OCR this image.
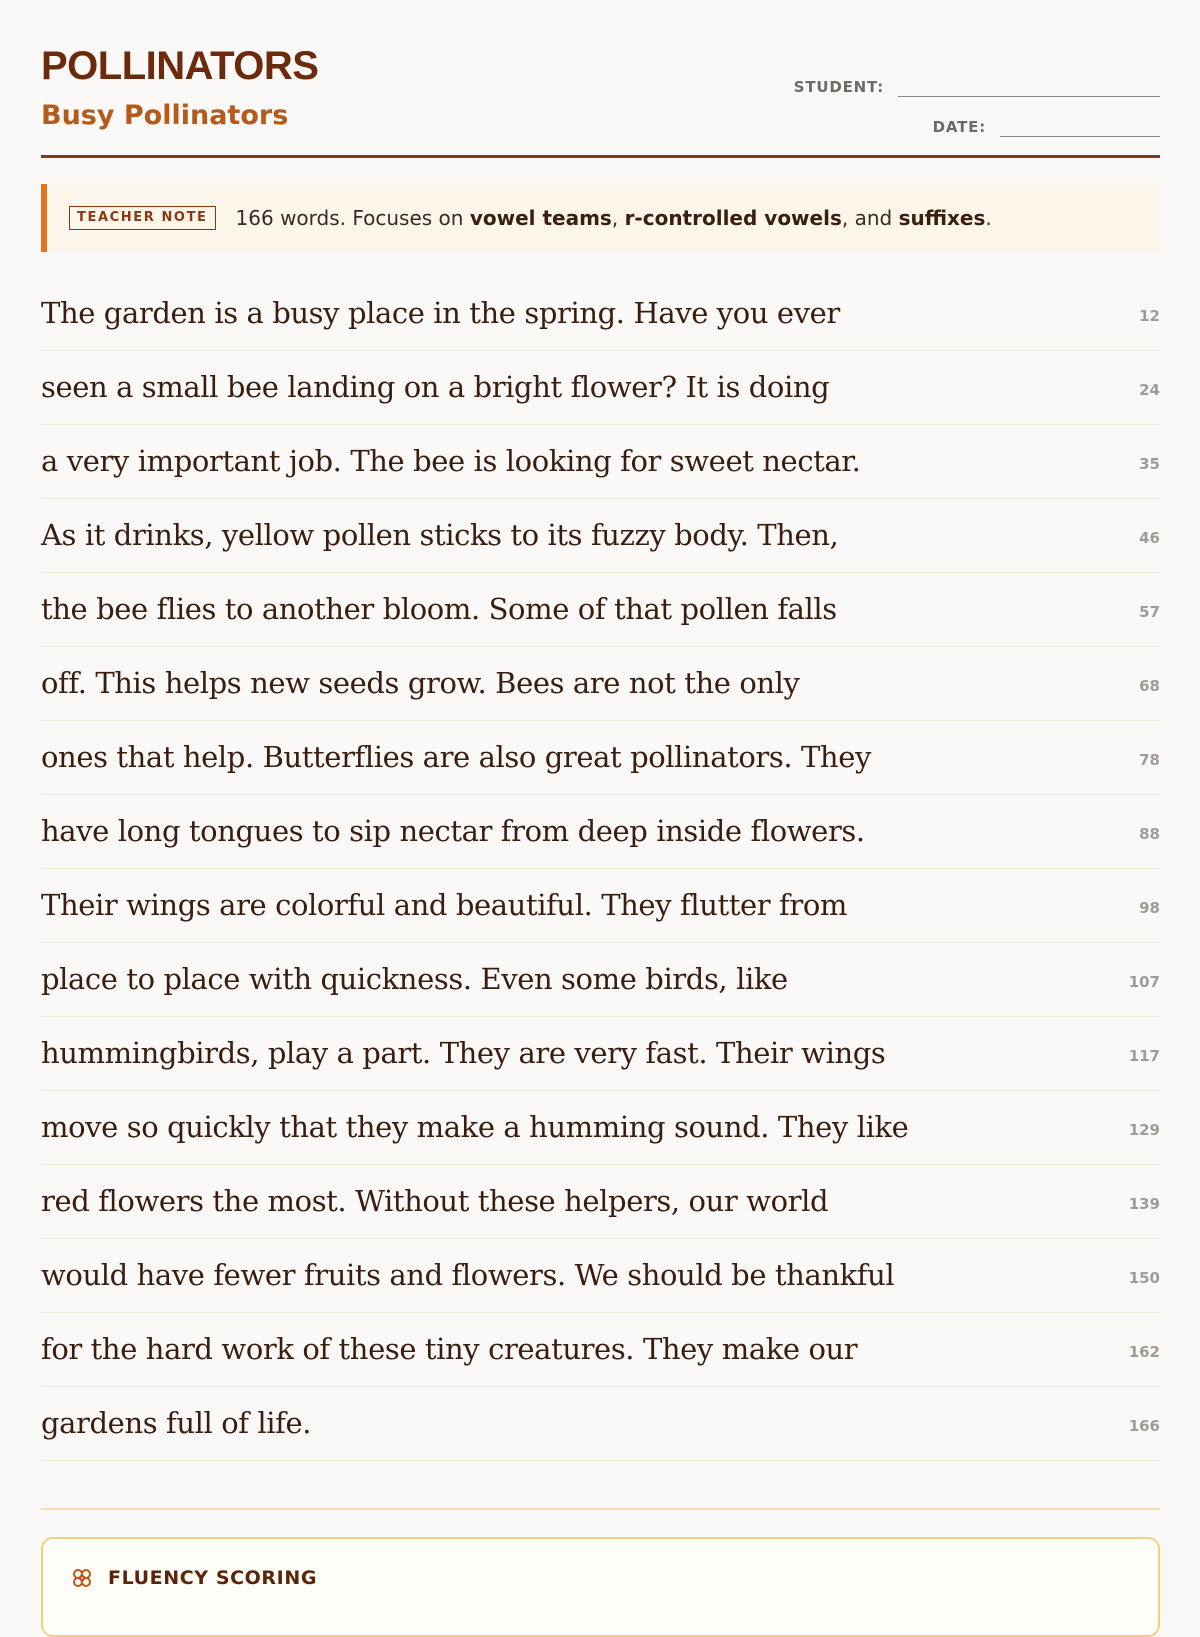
POLLINATORS
Busy Pollinators
STUDENT:
DATE:
TEACHER NOTE	166 words. Focuses on vowel teams, r-controlled vowels, and suffixes.
The garden is a busy place in the spring. Have you ever	12
seen a small bee landing on a bright flower? It is doing	24
a very important job. The bee is looking for sweet nectar.	35
As it drinks, yellow pollen sticks to its fuzzy body. Then,	46
the bee flies to another bloom. Some of that pollen falls	57
off. This helps new seeds grow. Bees are not the only	68
ones that help. Butterflies are also great pollinators. They	78
have long tongues to sip nectar from deep inside flowers.	88
Their wings are colorful and beautiful. They flutter from	98
place to place with quickness. Even some birds, like	107
hummingbirds, play a part. They are very fast. Their wings	117
move so quickly that they make a humming sound. They like	129
red flowers the most. Without these helpers, our world	139
would have fewer fruits and flowers. We should be thankful	150
for the hard work of these tiny creatures. They make our	162
gardens full of life.	166
FLUENCY SCORING
